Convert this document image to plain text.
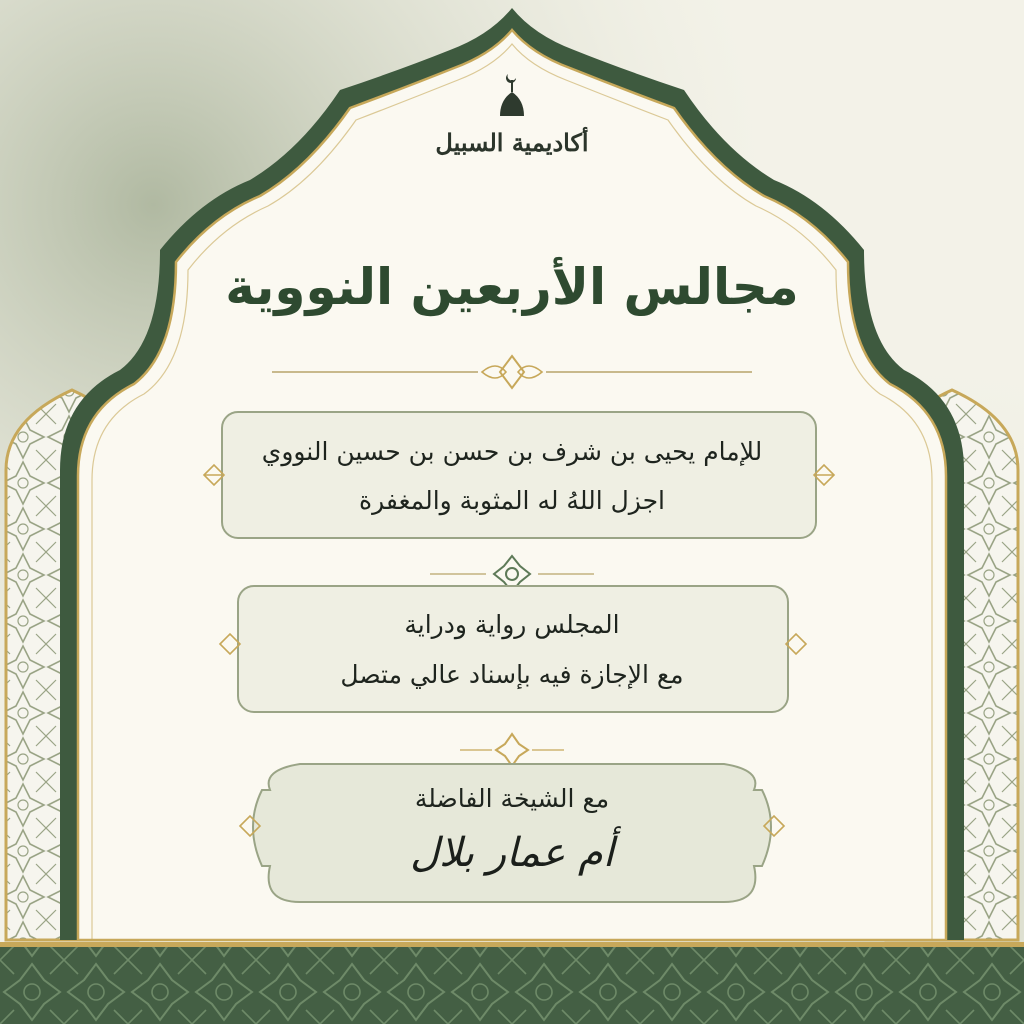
أكاديمية السبيل
مجالس الأربعين النووية
للإمام يحيى بن شرف بن حسن بن حسين النووي
اجزل اللهُ له المثوبة والمغفرة
المجلس رواية ودراية
مع الإجازة فيه بإسناد عالي متصل
مع الشيخة الفاضلة
أم عمار بلال
